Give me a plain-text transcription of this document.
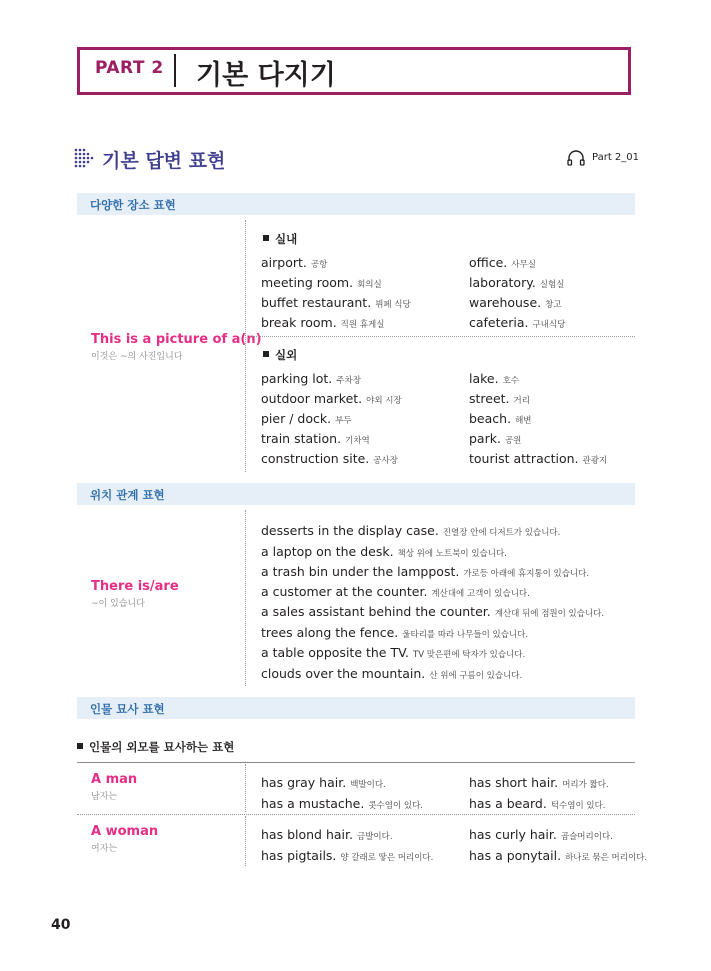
PART 2 기본 다지기
기본 답변 표현	Part 2_01
다양한 장소 표현
This is a picture of a(n)
이것은 ~의 사진입니다
실내
airport. 공항	office. 사무실
meeting room. 회의실	laboratory. 실험실
buffet restaurant. 뷔페 식당	warehouse. 창고
break room. 직원 휴게실	cafeteria. 구내식당
실외
parking lot. 주차장	lake. 호수
outdoor market. 야외 시장	street. 거리
pier / dock. 부두	beach. 해변
train station. 기차역	park. 공원
construction site. 공사장	tourist attraction. 관광지
위치 관계 표현
There is/are
~이 있습니다
desserts in the display case. 진열장 안에 디저트가 있습니다.
a laptop on the desk. 책상 위에 노트북이 있습니다.
a trash bin under the lamppost. 가로등 아래에 휴지통이 있습니다.
a customer at the counter. 계산대에 고객이 있습니다.
a sales assistant behind the counter. 계산대 뒤에 점원이 있습니다.
trees along the fence. 울타리를 따라 나무들이 있습니다.
a table opposite the TV. TV 맞은편에 탁자가 있습니다.
clouds over the mountain. 산 위에 구름이 있습니다.
인물 묘사 표현
인물의 외모를 묘사하는 표현
A man
남자는
has gray hair. 백발이다.	has short hair. 머리가 짧다.
has a mustache. 콧수염이 있다.	has a beard. 턱수염이 있다.
A woman
여자는
has blond hair. 금발이다.	has curly hair. 곱슬머리이다.
has pigtails. 양 갈래로 땋은 머리이다.	has a ponytail. 하나로 묶은 머리이다.
40
